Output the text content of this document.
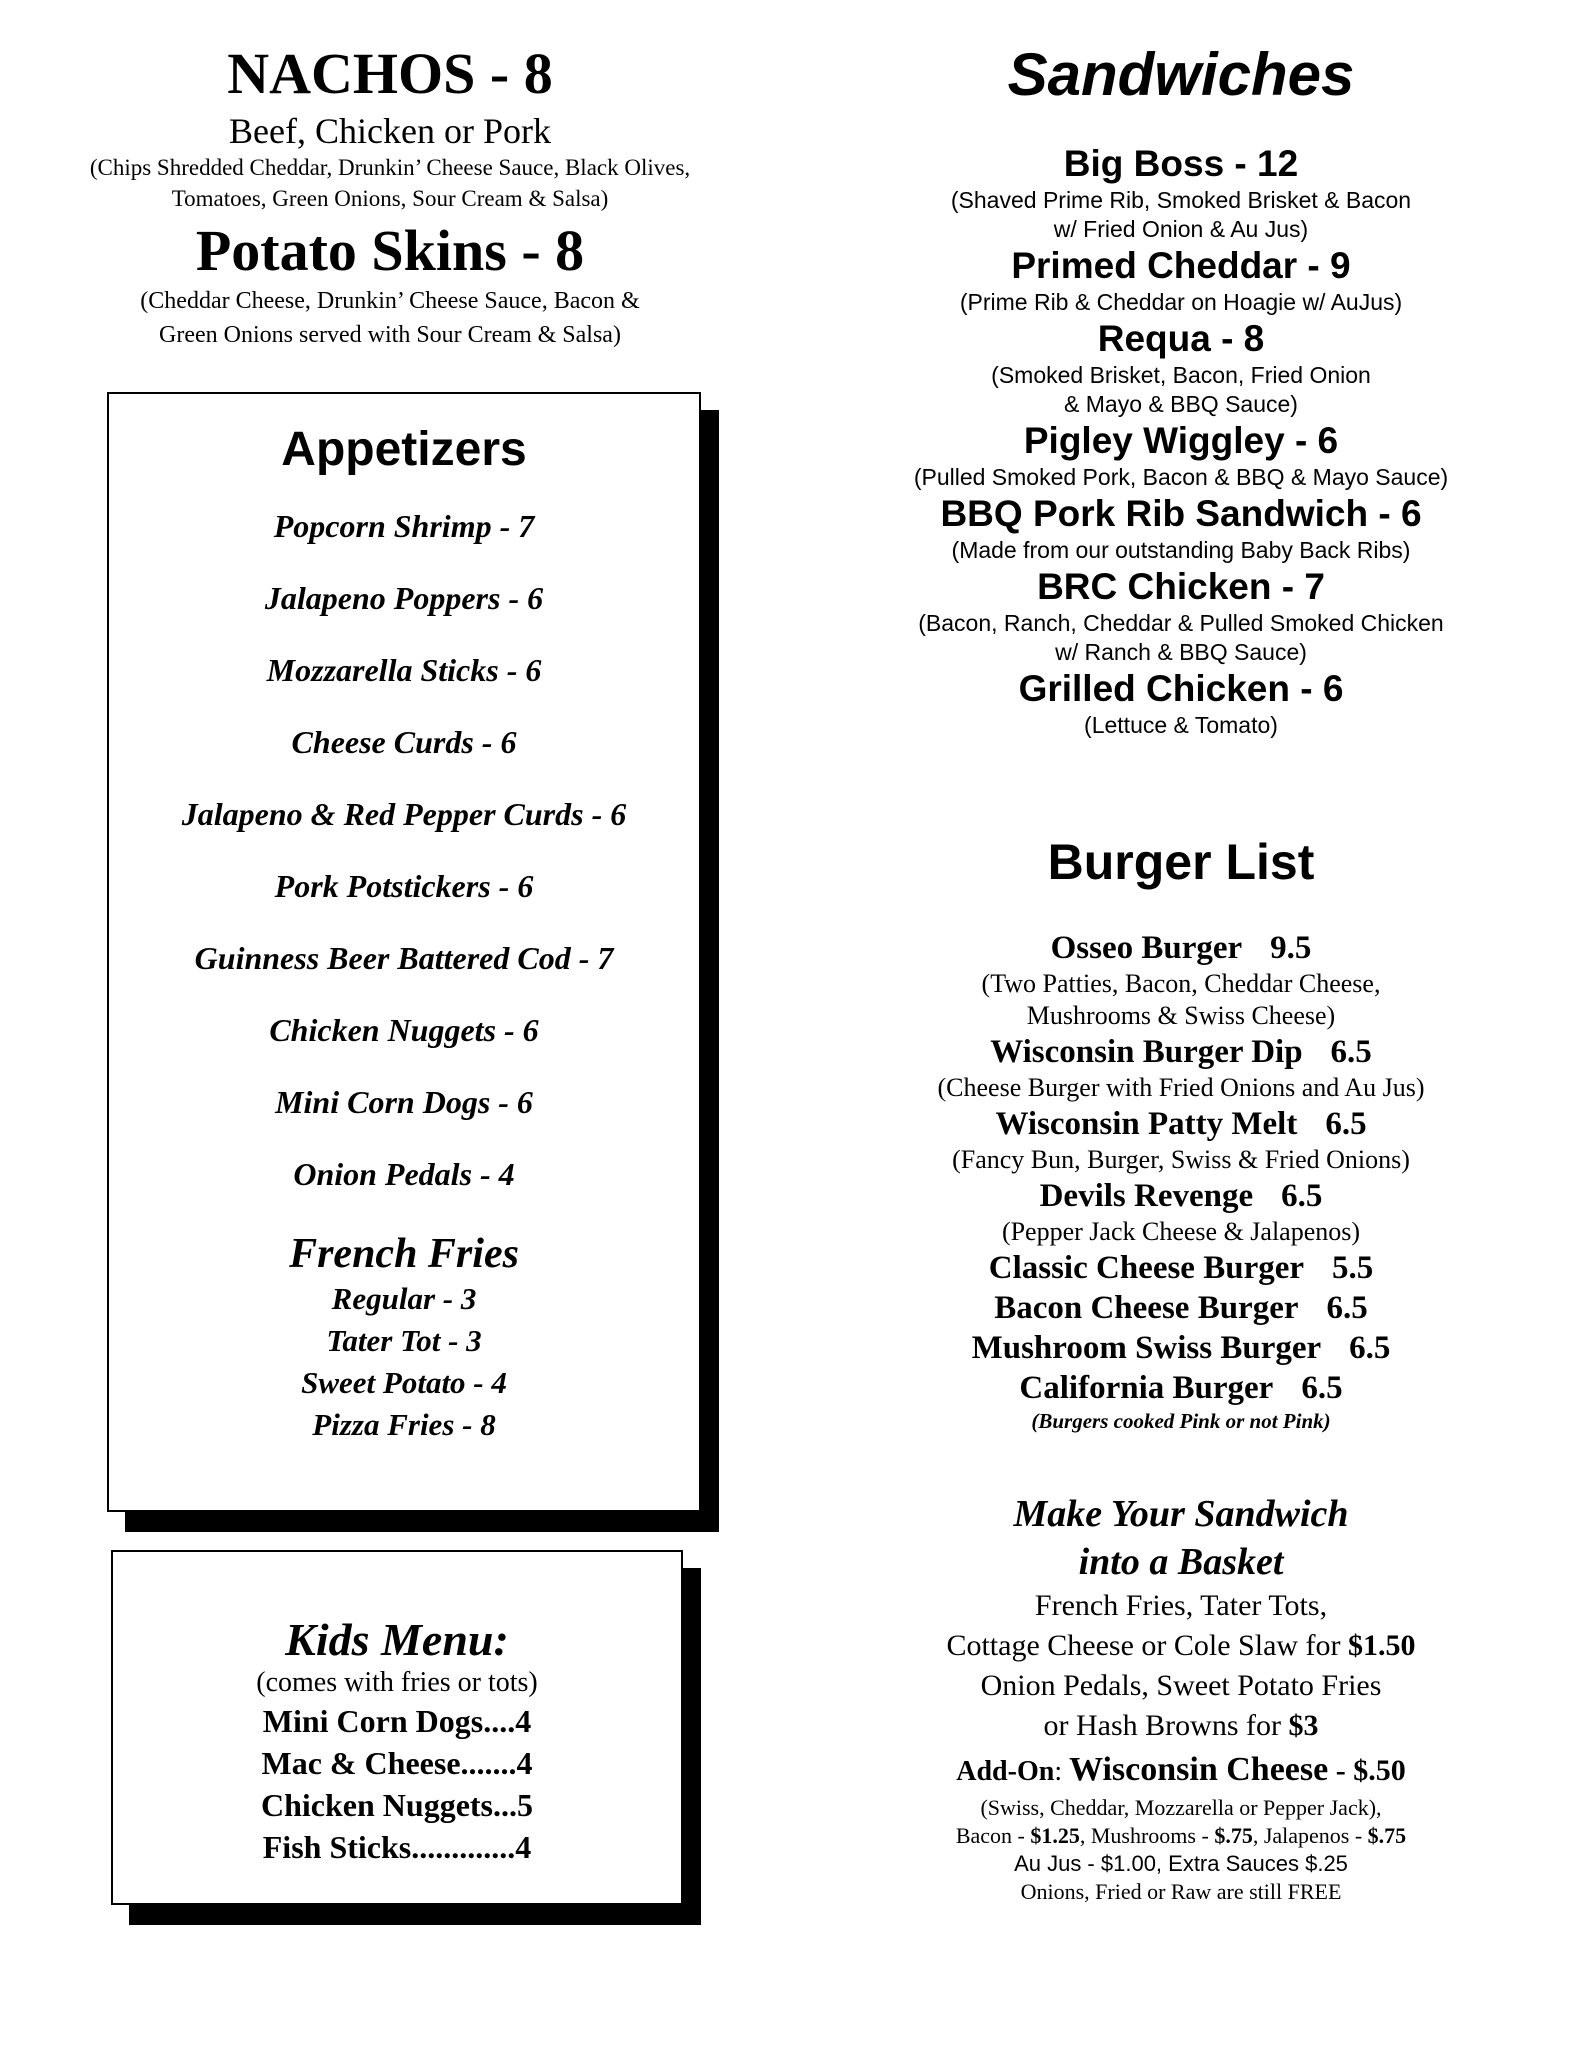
NACHOS - 8
Beef, Chicken or Pork
(Chips Shredded Cheddar, Drunkin’ Cheese Sauce, Black Olives,
Tomatoes, Green Onions, Sour Cream & Salsa)
Potato Skins - 8
(Cheddar Cheese, Drunkin’ Cheese Sauce, Bacon &
Green Onions served with Sour Cream & Salsa)
Appetizers
Popcorn Shrimp - 7
Jalapeno Poppers - 6
Mozzarella Sticks - 6
Cheese Curds - 6
Jalapeno & Red Pepper Curds - 6
Pork Potstickers - 6
Guinness Beer Battered Cod - 7
Chicken Nuggets - 6
Mini Corn Dogs - 6
Onion Pedals - 4
French Fries
Regular - 3
Tater Tot - 3
Sweet Potato - 4
Pizza Fries - 8
Kids Menu:
(comes with fries or tots)
Mini Corn Dogs....4
Mac & Cheese.......4
Chicken Nuggets...5
Fish Sticks.............4
Sandwiches
Big Boss - 12
(Shaved Prime Rib, Smoked Brisket & Bacon
w/ Fried Onion & Au Jus)
Primed Cheddar - 9
(Prime Rib & Cheddar on Hoagie w/ AuJus)
Requa - 8
(Smoked Brisket, Bacon, Fried Onion
& Mayo & BBQ Sauce)
Pigley Wiggley - 6
(Pulled Smoked Pork, Bacon & BBQ & Mayo Sauce)
BBQ Pork Rib Sandwich - 6
(Made from our outstanding Baby Back Ribs)
BRC Chicken - 7
(Bacon, Ranch, Cheddar & Pulled Smoked Chicken
w/ Ranch & BBQ Sauce)
Grilled Chicken - 6
(Lettuce & Tomato)
Burger List
Osseo Burger 9.5
(Two Patties, Bacon, Cheddar Cheese,
Mushrooms & Swiss Cheese)
Wisconsin Burger Dip 6.5
(Cheese Burger with Fried Onions and Au Jus)
Wisconsin Patty Melt 6.5
(Fancy Bun, Burger, Swiss & Fried Onions)
Devils Revenge 6.5
(Pepper Jack Cheese & Jalapenos)
Classic Cheese Burger 5.5
Bacon Cheese Burger 6.5
Mushroom Swiss Burger 6.5
California Burger 6.5
(Burgers cooked Pink or not Pink)
Make Your Sandwich
into a Basket
French Fries, Tater Tots,
Cottage Cheese or Cole Slaw for $1.50
Onion Pedals, Sweet Potato Fries
or Hash Browns for $3
Add-On: Wisconsin Cheese - $.50
(Swiss, Cheddar, Mozzarella or Pepper Jack),
Bacon - $1.25, Mushrooms - $.75, Jalapenos - $.75
Au Jus - $1.00, Extra Sauces $.25
Onions, Fried or Raw are still FREE
